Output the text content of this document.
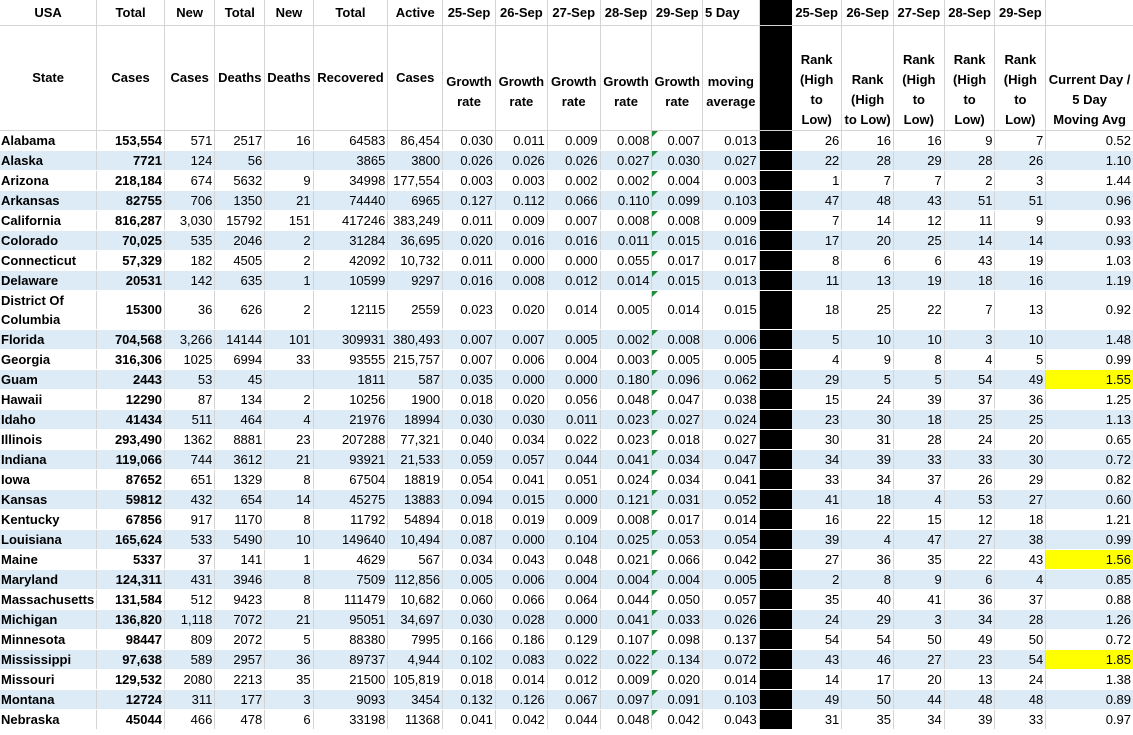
USA	Total	New	Total	New	Total	Active	25-Sep	26-Sep	27-Sep	28-Sep	29-Sep	5 Day		25-Sep	26-Sep	27-Sep	28-Sep	29-Sep	
State	Cases	Cases	Deaths	Deaths	Recovered	Cases	Growth rate	Growth rate	Growth rate	Growth rate	Growth rate	moving average		Rank (High to Low)	Rank (High to Low)	Rank (High to Low)	Rank (High to Low)	Rank (High to Low)	Current Day / 5 Day Moving Avg
Alabama	153,554	571	2517	16	64583	86,454	0.030	0.011	0.009	0.008	0.007	0.013		26	16	16	9	7	0.52
Alaska	7721	124	56		3865	3800	0.026	0.026	0.026	0.027	0.030	0.027		22	28	29	28	26	1.10
Arizona	218,184	674	5632	9	34998	177,554	0.003	0.003	0.002	0.002	0.004	0.003		1	7	7	2	3	1.44
Arkansas	82755	706	1350	21	74440	6965	0.127	0.112	0.066	0.110	0.099	0.103		47	48	43	51	51	0.96
California	816,287	3,030	15792	151	417246	383,249	0.011	0.009	0.007	0.008	0.008	0.009		7	14	12	11	9	0.93
Colorado	70,025	535	2046	2	31284	36,695	0.020	0.016	0.016	0.011	0.015	0.016		17	20	25	14	14	0.93
Connecticut	57,329	182	4505	2	42092	10,732	0.011	0.000	0.000	0.055	0.017	0.017		8	6	6	43	19	1.03
Delaware	20531	142	635	1	10599	9297	0.016	0.008	0.012	0.014	0.015	0.013		11	13	19	18	16	1.19
District Of Columbia	15300	36	626	2	12115	2559	0.023	0.020	0.014	0.005	0.014	0.015		18	25	22	7	13	0.92
Florida	704,568	3,266	14144	101	309931	380,493	0.007	0.007	0.005	0.002	0.008	0.006		5	10	10	3	10	1.48
Georgia	316,306	1025	6994	33	93555	215,757	0.007	0.006	0.004	0.003	0.005	0.005		4	9	8	4	5	0.99
Guam	2443	53	45		1811	587	0.035	0.000	0.000	0.180	0.096	0.062		29	5	5	54	49	1.55
Hawaii	12290	87	134	2	10256	1900	0.018	0.020	0.056	0.048	0.047	0.038		15	24	39	37	36	1.25
Idaho	41434	511	464	4	21976	18994	0.030	0.030	0.011	0.023	0.027	0.024		23	30	18	25	25	1.13
Illinois	293,490	1362	8881	23	207288	77,321	0.040	0.034	0.022	0.023	0.018	0.027		30	31	28	24	20	0.65
Indiana	119,066	744	3612	21	93921	21,533	0.059	0.057	0.044	0.041	0.034	0.047		34	39	33	33	30	0.72
Iowa	87652	651	1329	8	67504	18819	0.054	0.041	0.051	0.024	0.034	0.041		33	34	37	26	29	0.82
Kansas	59812	432	654	14	45275	13883	0.094	0.015	0.000	0.121	0.031	0.052		41	18	4	53	27	0.60
Kentucky	67856	917	1170	8	11792	54894	0.018	0.019	0.009	0.008	0.017	0.014		16	22	15	12	18	1.21
Louisiana	165,624	533	5490	10	149640	10,494	0.087	0.000	0.104	0.025	0.053	0.054		39	4	47	27	38	0.99
Maine	5337	37	141	1	4629	567	0.034	0.043	0.048	0.021	0.066	0.042		27	36	35	22	43	1.56
Maryland	124,311	431	3946	8	7509	112,856	0.005	0.006	0.004	0.004	0.004	0.005		2	8	9	6	4	0.85
Massachusetts	131,584	512	9423	8	111479	10,682	0.060	0.066	0.064	0.044	0.050	0.057		35	40	41	36	37	0.88
Michigan	136,820	1,118	7072	21	95051	34,697	0.030	0.028	0.000	0.041	0.033	0.026		24	29	3	34	28	1.26
Minnesota	98447	809	2072	5	88380	7995	0.166	0.186	0.129	0.107	0.098	0.137		54	54	50	49	50	0.72
Mississippi	97,638	589	2957	36	89737	4,944	0.102	0.083	0.022	0.022	0.134	0.072		43	46	27	23	54	1.85
Missouri	129,532	2080	2213	35	21500	105,819	0.018	0.014	0.012	0.009	0.020	0.014		14	17	20	13	24	1.38
Montana	12724	311	177	3	9093	3454	0.132	0.126	0.067	0.097	0.091	0.103		49	50	44	48	48	0.89
Nebraska	45044	466	478	6	33198	11368	0.041	0.042	0.044	0.048	0.042	0.043		31	35	34	39	33	0.97
